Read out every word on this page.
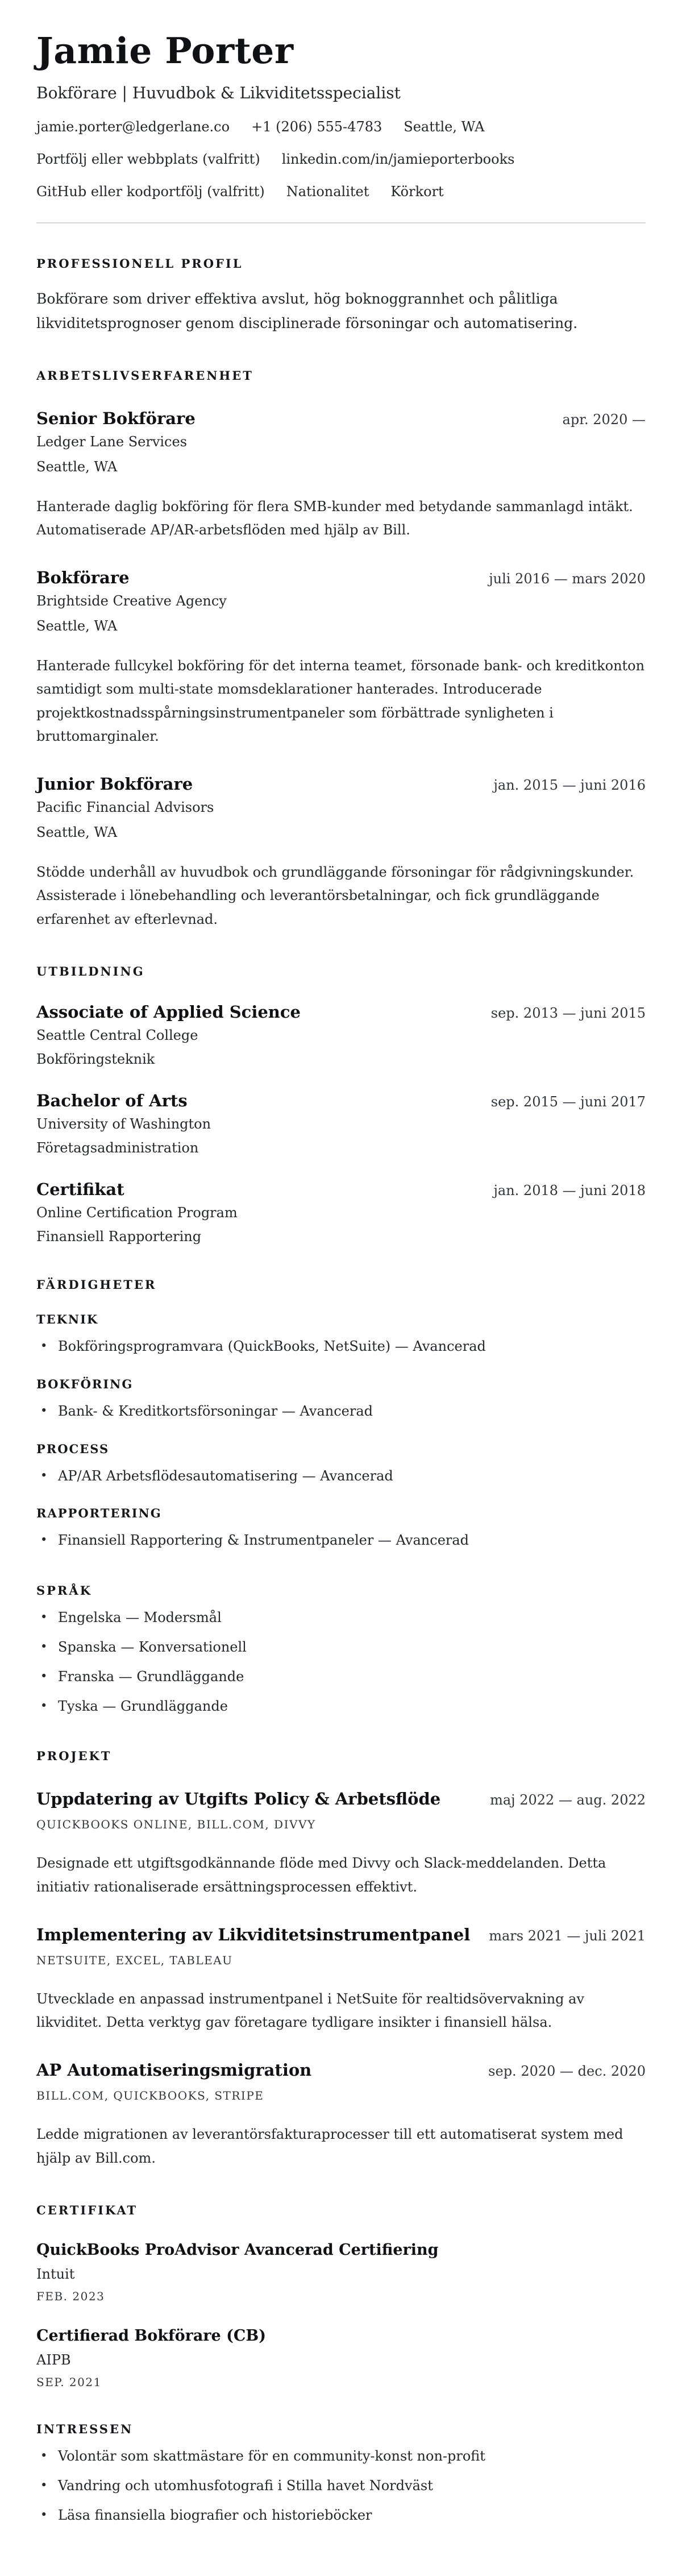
Jamie Porter
Bokförare | Huvudbok & Likviditetsspecialist
jamie.porter@ledgerlane.co +1 (206) 555-4783 Seattle, WA
Portfölj eller webbplats (valfritt) linkedin.com/in/jamieporterbooks
GitHub eller kodportfölj (valfritt) Nationalitet Körkort
PROFESSIONELL PROFIL

Bokförare som driver effektiva avslut, hög boknoggrannhet och pålitliga likviditetsprognoser genom disciplinerade försoningar och automatisering.

ARBETSLIVSERFARENHET
Senior Bokförare	apr. 2020 —
Ledger Lane Services
Seattle, WA

Hanterade daglig bokföring för flera SMB-kunder med betydande sammanlagd intäkt. Automatiserade AP/AR-arbetsflöden med hjälp av Bill.

Bokförare	juli 2016 — mars 2020
Brightside Creative Agency
Seattle, WA

Hanterade fullcykel bokföring för det interna teamet, försonade bank- och kreditkonton samtidigt som multi-state momsdeklarationer hanterades. Introducerade projektkostnadsspårningsinstrumentpaneler som förbättrade synligheten i bruttomarginaler.

Junior Bokförare	jan. 2015 — juni 2016
Pacific Financial Advisors
Seattle, WA

Stödde underhåll av huvudbok och grundläggande försoningar för rådgivningskunder. Assisterade i lönebehandling och leverantörsbetalningar, och fick grundläggande erfarenhet av efterlevnad.

UTBILDNING
Associate of Applied Science	sep. 2013 — juni 2015
Seattle Central College
Bokföringsteknik
Bachelor of Arts	sep. 2015 — juni 2017
University of Washington
Företagsadministration
Certifikat	jan. 2018 — juni 2018
Online Certification Program
Finansiell Rapportering
FÄRDIGHETER
TEKNIK
• Bokföringsprogramvara (QuickBooks, NetSuite) — Avancerad
BOKFÖRING
• Bank- & Kreditkortsförsoningar — Avancerad
PROCESS
• AP/AR Arbetsflödesautomatisering — Avancerad
RAPPORTERING
• Finansiell Rapportering & Instrumentpaneler — Avancerad
SPRÅK
• Engelska — Modersmål
• Spanska — Konversationell
• Franska — Grundläggande
• Tyska — Grundläggande
PROJEKT
Uppdatering av Utgifts Policy & Arbetsflöde	maj 2022 — aug. 2022
QUICKBOOKS ONLINE, BILL.COM, DIVVY

Designade ett utgiftsgodkännande flöde med Divvy och Slack-meddelanden. Detta initiativ rationaliserade ersättningsprocessen effektivt.

Implementering av Likviditetsinstrumentpanel mars 2021 — juli 2021
NETSUITE, EXCEL, TABLEAU

Utvecklade en anpassad instrumentpanel i NetSuite för realtidsövervakning av likviditet. Detta verktyg gav företagare tydligare insikter i finansiell hälsa.

AP Automatiseringsmigration	sep. 2020 — dec. 2020
BILL.COM, QUICKBOOKS, STRIPE

Ledde migrationen av leverantörsfakturaprocesser till ett automatiserat system med hjälp av Bill.com.

CERTIFIKAT
QuickBooks ProAdvisor Avancerad Certifiering
Intuit
FEB. 2023
Certifierad Bokförare (CB)
AIPB
SEP. 2021
INTRESSEN
• Volontär som skattmästare för en community-konst non-profit
• Vandring och utomhusfotografi i Stilla havet Nordväst
• Läsa finansiella biografier och historieböcker
